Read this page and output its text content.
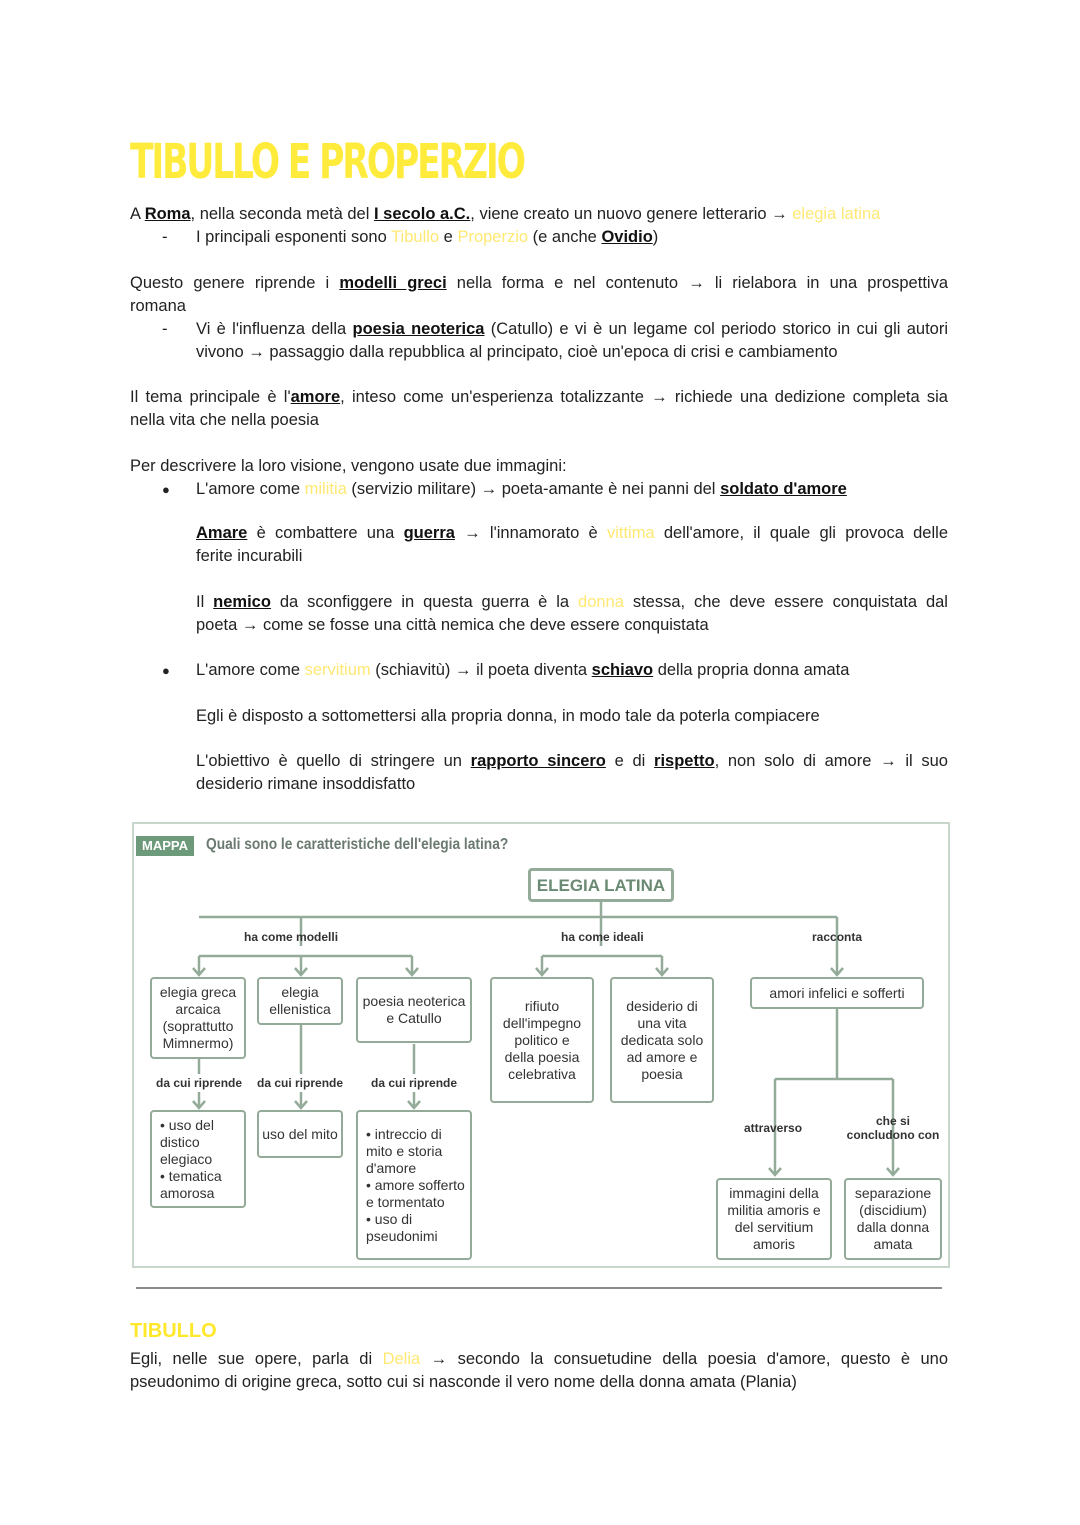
TIBULLO E PROPERZIO
A Roma, nella seconda metà del I secolo a.C., viene creato un nuovo genere letterario → elegia latina
- I principali esponenti sono Tibullo e Properzio (e anche Ovidio)
Questo genere riprende i modelli greci nella forma e nel contenuto → li rielabora in una prospettiva
romana
- Vi è l'influenza della poesia neoterica (Catullo) e vi è un legame col periodo storico in cui gli autori
vivono → passaggio dalla repubblica al principato, cioè un'epoca di crisi e cambiamento
Il tema principale è l'amore, inteso come un'esperienza totalizzante → richiede una dedizione completa sia
nella vita che nella poesia
Per descrivere la loro visione, vengono usate due immagini:
● L'amore come militia (servizio militare) → poeta-amante è nei panni del soldato d'amore
Amare è combattere una guerra → l'innamorato è vittima dell'amore, il quale gli provoca delle
ferite incurabili
Il nemico da sconfiggere in questa guerra è la donna stessa, che deve essere conquistata dal
poeta → come se fosse una città nemica che deve essere conquistata
● L'amore come servitium (schiavitù) → il poeta diventa schiavo della propria donna amata
Egli è disposto a sottomettersi alla propria donna, in modo tale da poterla compiacere
L'obiettivo è quello di stringere un rapporto sincero e di rispetto, non solo di amore → il suo
desiderio rimane insoddisfatto
MAPPA	Quali sono le caratteristiche dell'elegia latina?
ELEGIA LATINA
ha come modelli	ha come ideali	racconta
elegia greca arcaica (soprattutto Mimnermo)
elegia ellenistica	poesia neoterica e Catullo
da cui riprende da cui riprende da cui riprende
• uso del distico elegiaco
• tematica amorosa
uso del mito	• intreccio di mito e storia d'amore
• amore sofferto e tormentato
• uso di pseudonimi
rifiuto dell'impegno politico e della poesia celebrativa
desiderio di una vita dedicata solo ad amore e poesia
amori infelici e sofferti
attraverso	che si concludono con
immagini della militia amoris e del servitium amoris
separazione (discidium) dalla donna amata
TIBULLO
Egli, nelle sue opere, parla di Delia → secondo la consuetudine della poesia d'amore, questo è uno
pseudonimo di origine greca, sotto cui si nasconde il vero nome della donna amata (Plania)
